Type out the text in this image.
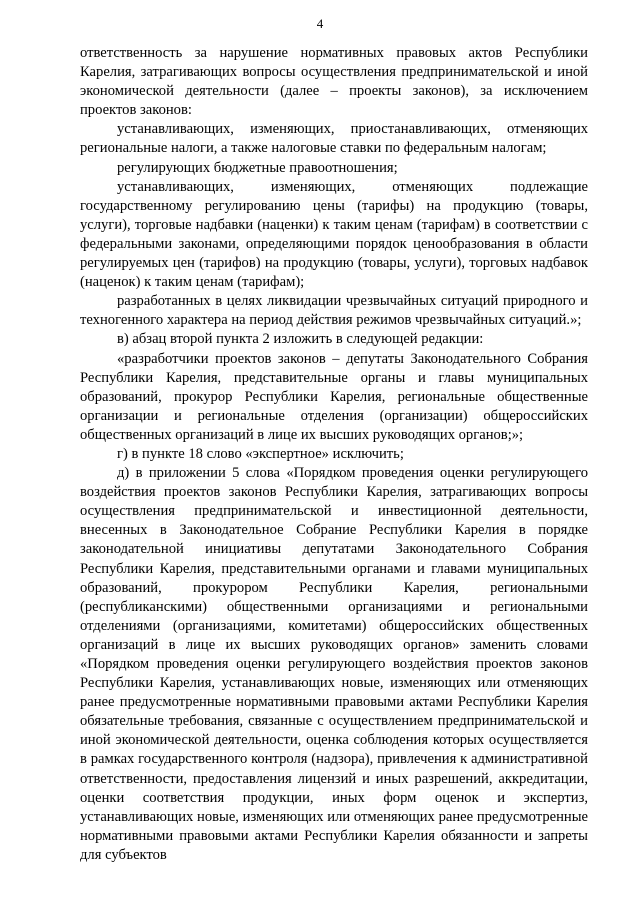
4

ответственность за нарушение нормативных правовых актов Республики Карелия, затрагивающих вопросы осуществления предпринимательской и иной экономической деятельности (далее – проекты законов), за исключением проектов законов:

устанавливающих, изменяющих, приостанавливающих, отменяющих региональные налоги, а также налоговые ставки по федеральным налогам;

регулирующих бюджетные правоотношения;

устанавливающих, изменяющих, отменяющих подлежащие государственному регулированию цены (тарифы) на продукцию (товары, услуги), торговые надбавки (наценки) к таким ценам (тарифам) в соответствии с федеральными законами, определяющими порядок ценообразования в области регулируемых цен (тарифов) на продукцию (товары, услуги), торговых надбавок (наценок) к таким ценам (тарифам);

разработанных в целях ликвидации чрезвычайных ситуаций природного и техногенного характера на период действия режимов чрезвычайных ситуаций.»;

в) абзац второй пункта 2 изложить в следующей редакции:

«разработчики проектов законов – депутаты Законодательного Собрания Республики Карелия, представительные органы и главы муниципальных образований, прокурор Республики Карелия, региональные общественные организации и региональные отделения (организации) общероссийских общественных организаций в лице их высших руководящих органов;»;

г) в пункте 18 слово «экспертное» исключить;

д) в приложении 5 слова «Порядком проведения оценки регулирующего воздействия проектов законов Республики Карелия, затрагивающих вопросы осуществления предпринимательской и инвестиционной деятельности, внесенных в Законодательное Собрание Республики Карелия в порядке законодательной инициативы депутатами Законодательного Собрания Республики Карелия, представительными органами и главами муниципальных образований, прокурором Республики Карелия, региональными (республиканскими) общественными организациями и региональными отделениями (организациями, комитетами) общероссийских общественных организаций в лице их высших руководящих органов» заменить словами «Порядком проведения оценки регулирующего воздействия проектов законов Республики Карелия, устанавливающих новые, изменяющих или отменяющих ранее предусмотренные нормативными правовыми актами Республики Карелия обязательные требования, связанные с осуществлением предпринимательской и иной экономической деятельности, оценка соблюдения которых осуществляется в рамках государственного контроля (надзора), привлечения к административной ответственности, предоставления лицензий и иных разрешений, аккредитации, оценки соответствия продукции, иных форм оценок и экспертиз, устанавливающих новые, изменяющих или отменяющих ранее предусмотренные нормативными правовыми актами Республики Карелия обязанности и запреты для субъектов
